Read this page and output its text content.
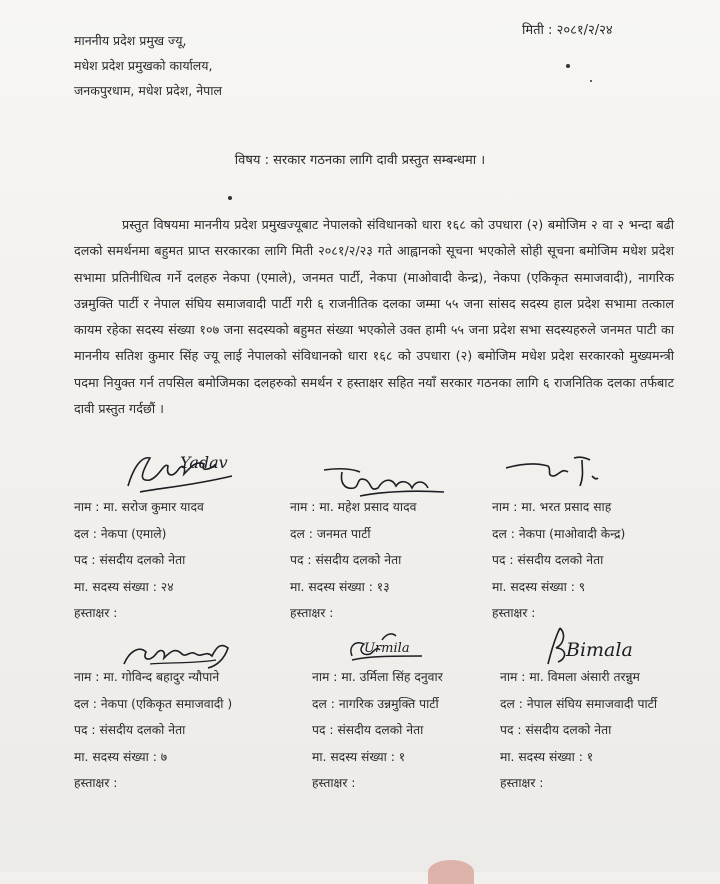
माननीय प्रदेश प्रमुख ज्यू,
मधेश प्रदेश प्रमुखको कार्यालय,
जनकपुरधाम, मधेश प्रदेश, नेपाल
मिती : २०८१/२/२४
विषय : सरकार गठनका लागि दावी प्रस्तुत सम्बन्धमा ।
प्रस्तुत विषयमा माननीय प्रदेश प्रमुखज्यूबाट नेपालको संविधानको धारा १६८ को उपधारा (२) बमोजिम २ वा २ भन्दा बढी दलको समर्थनमा बहुमत प्राप्त सरकारका लागि मिती २०८१/२/२३ गते आह्वानको सूचना भएकोले सोही सूचना बमोजिम मधेश प्रदेश सभामा प्रतिनीधित्व गर्ने दलहरु नेकपा (एमाले), जनमत पार्टी, नेकपा (माओवादी केन्द्र), नेकपा (एकिकृत समाजवादी), नागरिक उन्नमुक्ति पार्टी र नेपाल संघिय समाजवादी पार्टी गरी ६ राजनीतिक दलका जम्मा ५५ जना सांसद सदस्य हाल प्रदेश सभामा तत्काल कायम रहेका सदस्य संख्या १०७ जना सदस्यको बहुमत संख्या भएकोले उक्त हामी ५५ जना प्रदेश सभा सदस्यहरुले जनमत पाटी का माननीय सतिश कुमार सिंह ज्यू लाई नेपालको संविधानको धारा १६८ को उपधारा (२) बमोजिम मधेश प्रदेश सरकारको मुख्यमन्त्री पदमा नियुक्त गर्न तपसिल बमोजिमका दलहरुको समर्थन र हस्ताक्षर सहित नयाँ सरकार गठनका लागि ६ राजनितिक दलका तर्फबाट दावी प्रस्तुत गर्दछौं ।
Yadav
नाम : मा. सरोज कुमार यादव
दल : नेकपा (एमाले)
पद : संसदीय दलको नेता
मा. सदस्य संख्या : २४
हस्ताक्षर :
नाम : मा. महेश प्रसाद यादव
दल : जनमत पार्टी
पद : संसदीय दलको नेता
मा. सदस्य संख्या : १३
हस्ताक्षर :
नाम : मा. भरत प्रसाद साह
दल : नेकपा (माओवादी केन्द्र)
पद : संसदीय दलको नेता
मा. सदस्य संख्या : ९
हस्ताक्षर :
Urmila	Bimala
नाम : मा. गोविन्द बहादुर न्यौपाने
दल : नेकपा (एकिकृत समाजवादी )
पद : संसदीय दलको नेता
मा. सदस्य संख्या : ७
हस्ताक्षर :
नाम : मा. उर्मिला सिंह दनुवार
दल : नागरिक उन्नमुक्ति पार्टी
पद : संसदीय दलको नेता
मा. सदस्य संख्या : १
हस्ताक्षर :
नाम : मा. विमला अंसारी तरन्नुम
दल : नेपाल संघिय समाजवादी पार्टी
पद : संसदीय दलको नेता
मा. सदस्य संख्या : १
हस्ताक्षर :
